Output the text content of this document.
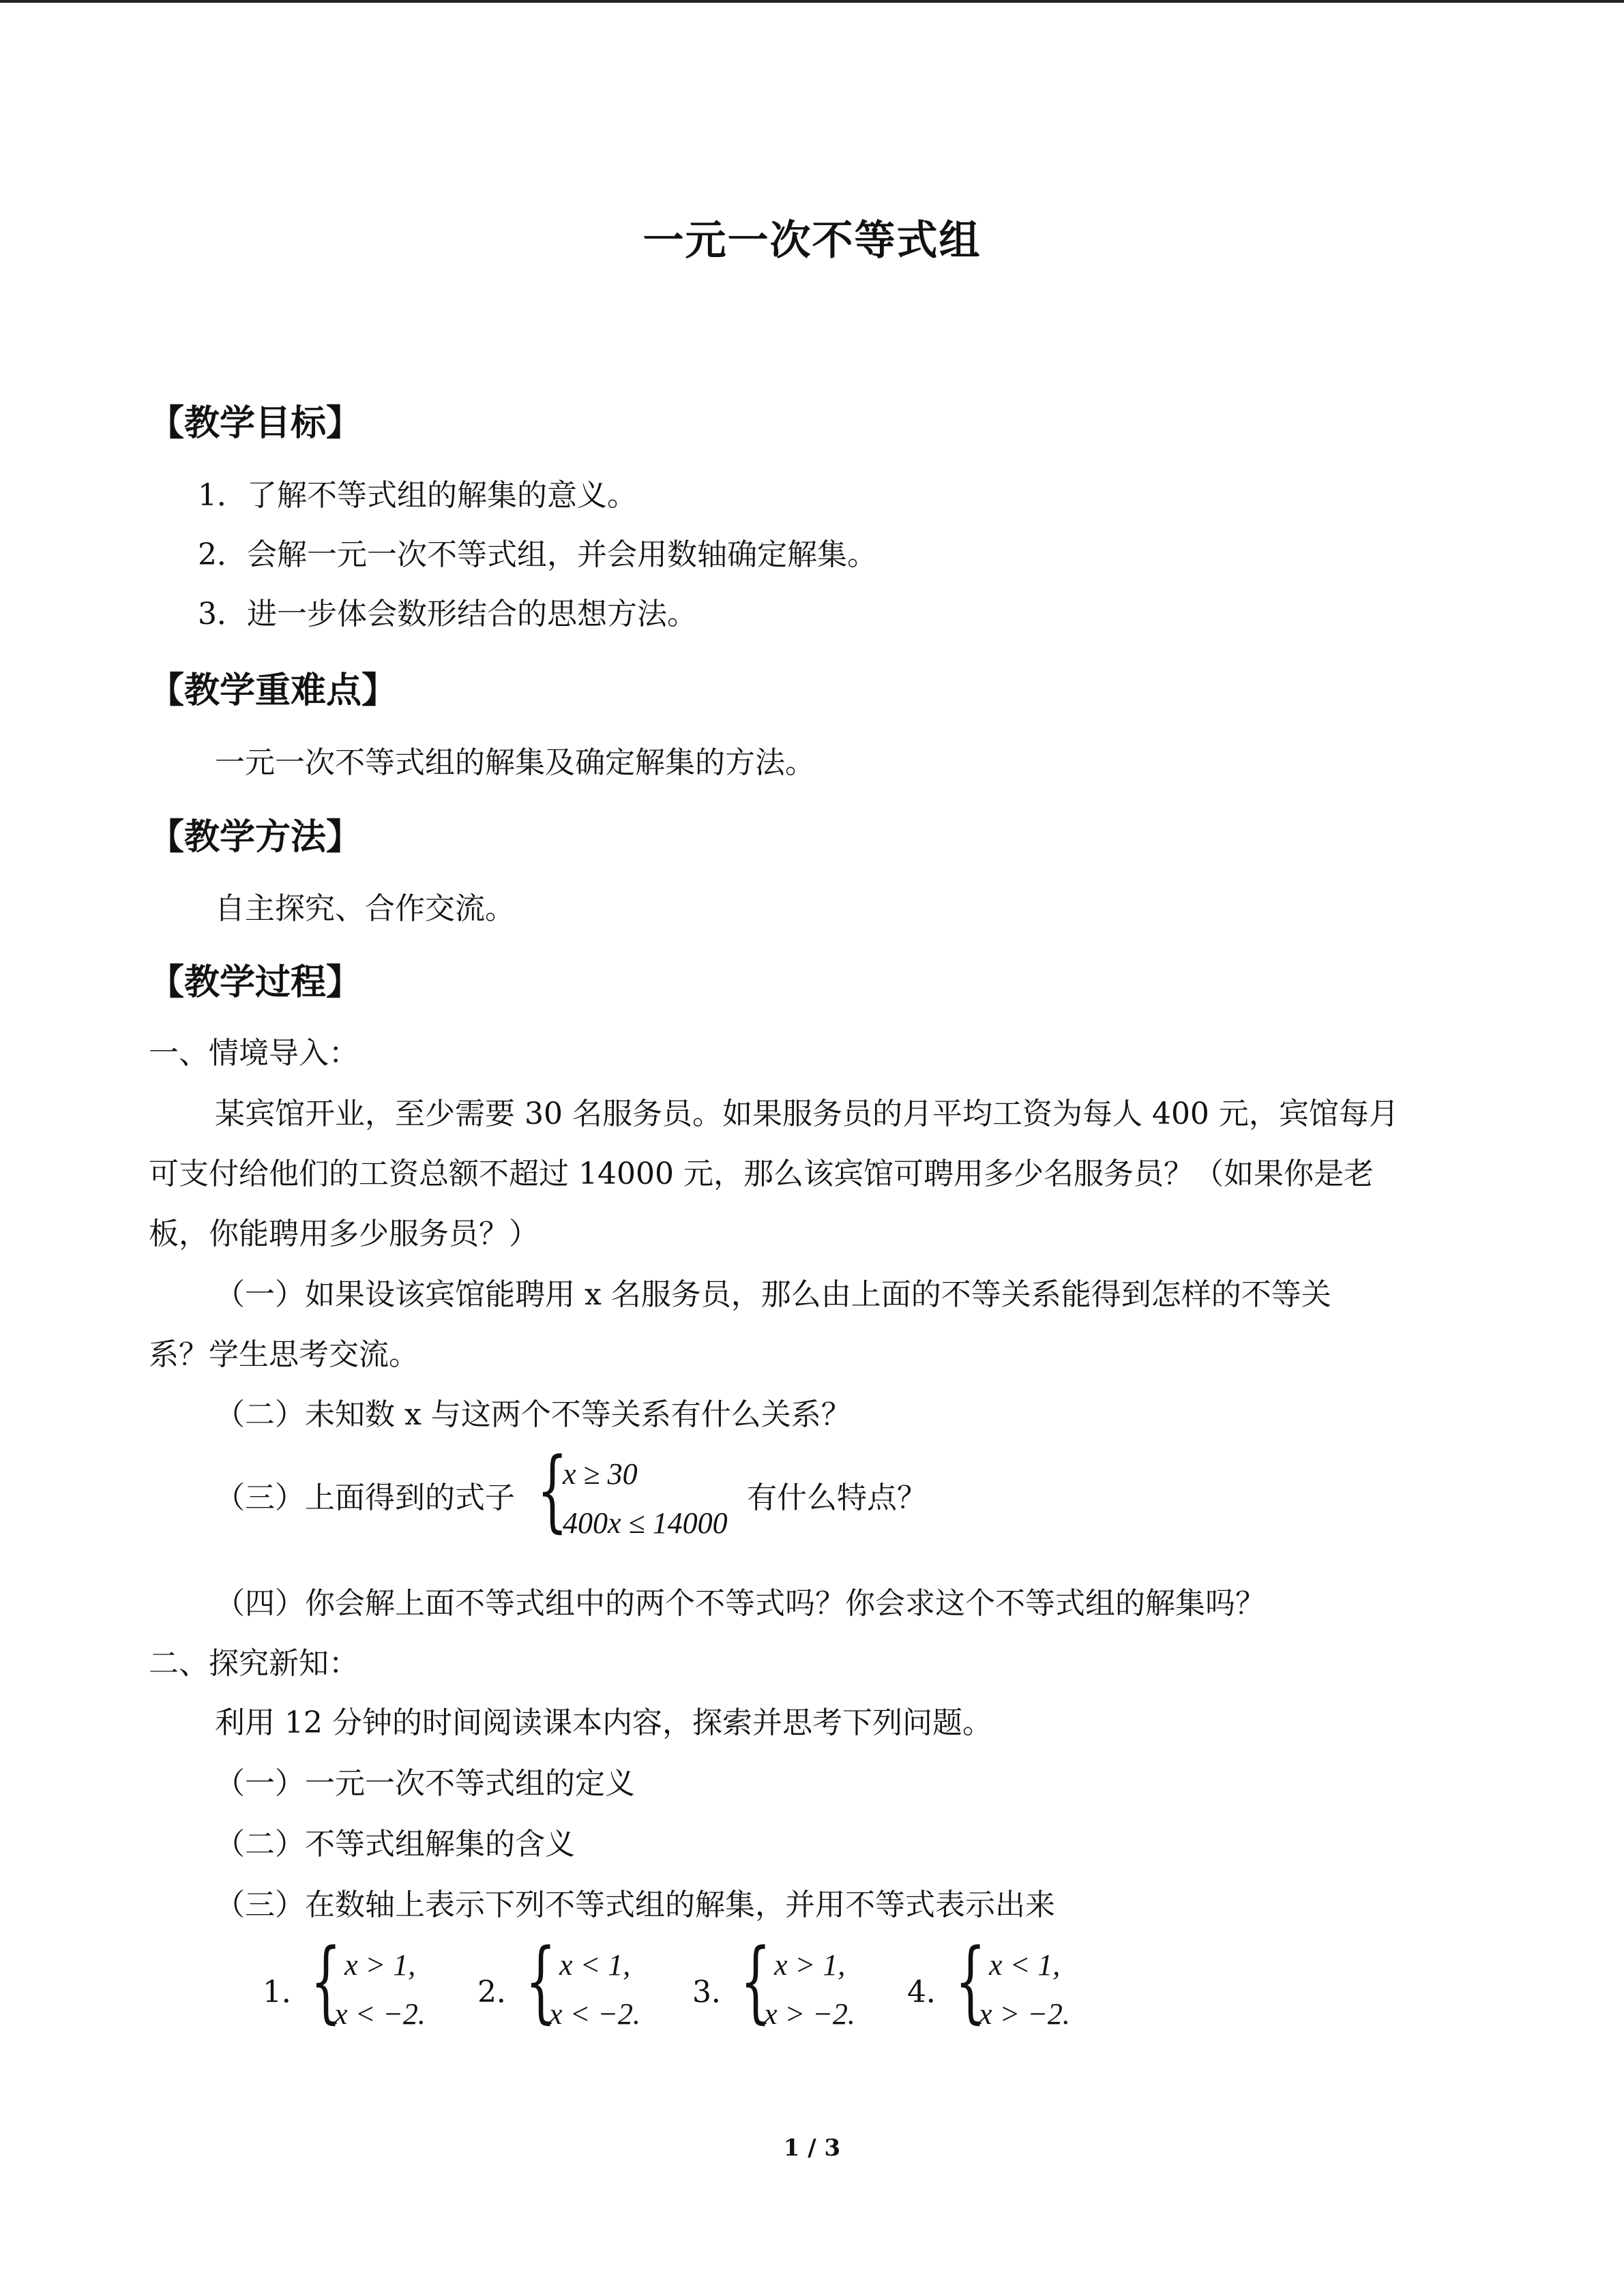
一元一次不等式组
【教学目标】
1．了解不等式组的解集的意义。
2．会解一元一次不等式组，并会用数轴确定解集。
3．进一步体会数形结合的思想方法。
【教学重难点】
一元一次不等式组的解集及确定解集的方法。
【教学方法】
自主探究、合作交流。
【教学过程】
一、情境导入：
某宾馆开业，至少需要 30 名服务员。如果服务员的月平均工资为每人 400 元，宾馆每月
可支付给他们的工资总额不超过 14000 元，那么该宾馆可聘用多少名服务员？（如果你是老
板，你能聘用多少服务员？）
（一）如果设该宾馆能聘用 x 名服务员，那么由上面的不等关系能得到怎样的不等关
系？学生思考交流。
（二）未知数 x 与这两个不等关系有什么关系？
（三）上面得到的式子 {
x ≥ 30
400x ≤ 14000
有什么特点？
（四）你会解上面不等式组中的两个不等式吗？你会求这个不等式组的解集吗？
二、探究新知：
利用 12 分钟的时间阅读课本内容，探索并思考下列问题。
（一）一元一次不等式组的定义
（二）不等式组解集的含义
（三）在数轴上表示下列不等式组的解集，并用不等式表示出来
1．
{ x > 1,
x < −2.
2．
{ x < 1,
x < −2.
3．
{ x > 1,
x > −2.
4．
{ x < 1,
x > −2.
1 / 3
